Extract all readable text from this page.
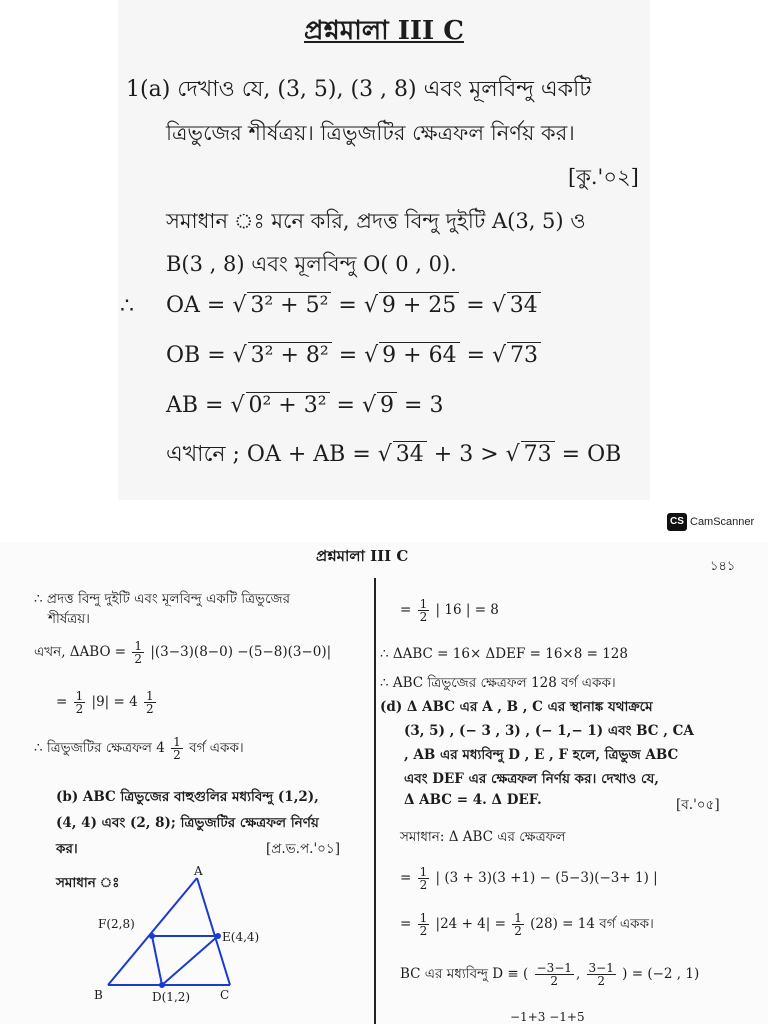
প্রশ্নমালা III C
1(a) দেখাও যে, (3, 5), (3 , 8) এবং মূলবিন্দু একটি
ত্রিভুজের শীর্ষত্রয়। ত্রিভুজটির ক্ষেত্রফল নির্ণয় কর।
[কু.'০২]
সমাধান ঃ মনে করি, প্রদত্ত বিন্দু দুইটি A(3, 5) ও
B(3 , 8) এবং মূলবিন্দু O( 0 , 0).
∴ OA = √ 3² + 5² = √ 9 + 25 = √ 34
OB = √ 3² + 8² = √ 9 + 64 = √ 73
AB = √ 0² + 3² = √ 9 = 3
এখানে ; OA + AB = √ 34 + 3 > √ 73 = OB
CS CamScanner
প্রশ্নমালা III C
১৪১
∴ প্রদত্ত বিন্দু দুইটি এবং মূলবিন্দু একটি ত্রিভুজের
শীর্ষত্রয়।
এখন, $\Delta ABO = \frac{1}{2} |(3-3)(8-0) -(5-8)(3-0)|$
= $\frac{1}{2} |9| = 4 \frac{1}{2}$
∴ ত্রিভুজটির ক্ষেত্রফল $4 \frac{1}{2}$ বর্গ একক।
(b) ABC ত্রিভুজের বাহুগুলির মধ্যবিন্দু (1,2),
(4, 4) এবং (2, 8); ত্রিভুজটির ক্ষেত্রফল নির্ণয়
কর।	[প্র.ভ.প.'০১]
সমাধান ঃ
A
F(2,8)
E(4,4)
B	D(1,2) C
= $\frac{1}{2}$ | 16 | = 8
∴ ΔABC = 16× ΔDEF = 16×8 = 128
∴ ABC ত্রিভুজের ক্ষেত্রফল 128 বর্গ একক।
(d) Δ ABC এর A , B , C এর স্থানাঙ্ক যথাক্রমে
(3, 5) , (− 3 , 3) , (− 1,− 1) এবং BC , CA
, AB এর মধ্যবিন্দু D , E , F হলে, ত্রিভুজ ABC
এবং DEF এর ক্ষেত্রফল নির্ণয় কর। দেখাও যে,
Δ ABC = 4. Δ DEF.	[ব.'০৫]
সমাধান: Δ ABC এর ক্ষেত্রফল
= $\frac{1}{2}$ | (3 + 3)(3 +1) − (5−3)(−3+ 1) |
= $\frac{1}{2} |24 + 4| = \frac{1}{2} (28) = 14$ বর্গ একক।
BC এর মধ্যবিন্দু D ≡ ( $\frac{-3-1}{2}$ , $\frac{3-1}{2}$ ) = (−2 , 1)
−1+3 −1+5
